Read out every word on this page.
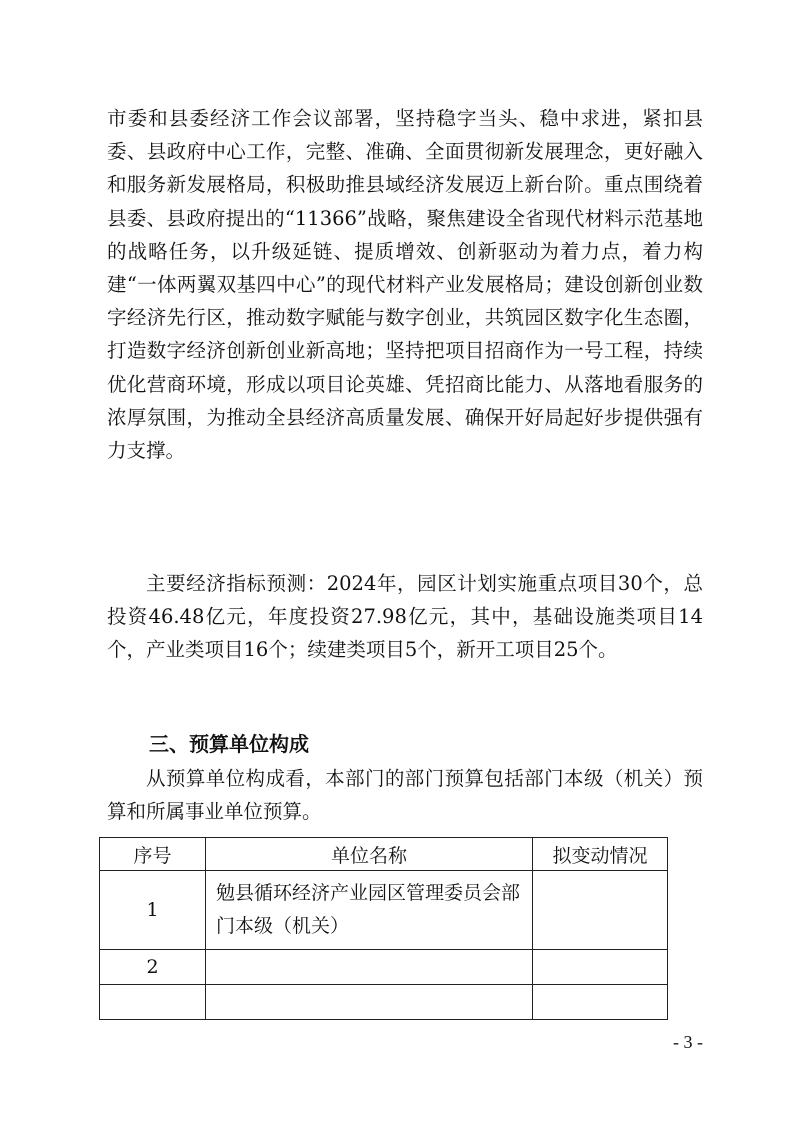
市委和县委经济工作会议部署，坚持稳字当头、稳中求进，紧扣县委、县政府中心工作，完整、准确、全面贯彻新发展理念，更好融入和服务新发展格局，积极助推县域经济发展迈上新台阶。重点围绕着县委、县政府提出的“11366”战略，聚焦建设全省现代材料示范基地的战略任务，以升级延链、提质增效、创新驱动为着力点，着力构建“一体两翼双基四中心”的现代材料产业发展格局；建设创新创业数字经济先行区，推动数字赋能与数字创业，共筑园区数字化生态圈，打造数字经济创新创业新高地；坚持把项目招商作为一号工程，持续优化营商环境，形成以项目论英雄、凭招商比能力、从落地看服务的浓厚氛围，为推动全县经济高质量发展、确保开好局起好步提供强有力支撑。

主要经济指标预测：2024年，园区计划实施重点项目30个，总投资46.48亿元，年度投资27.98亿元，其中，基础设施类项目14个，产业类项目16个；续建类项目5个，新开工项目25个。

三、预算单位构成

从预算单位构成看，本部门的部门预算包括部门本级（机关）预算和所属事业单位预算。

序号	单位名称	拟变动情况
1	勉县循环经济产业园区管理委员会部门本级（机关）	
2		

- 3 -
